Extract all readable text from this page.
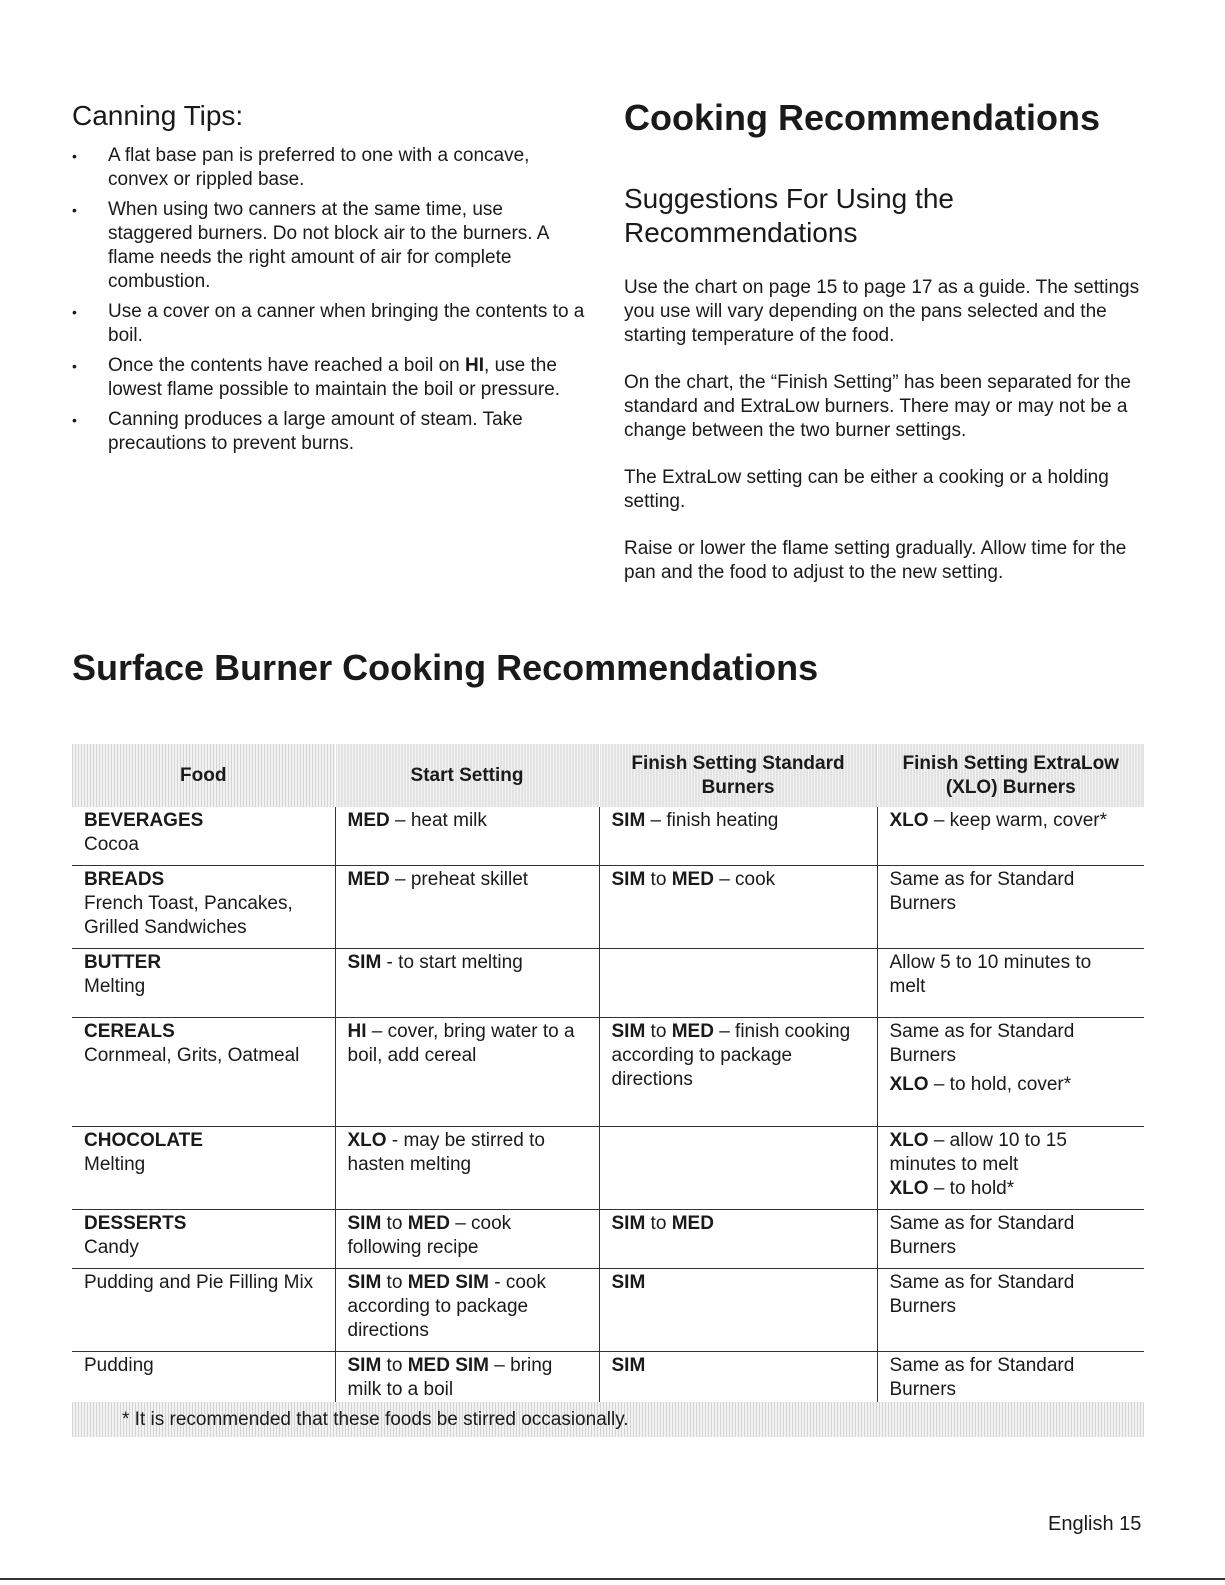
Canning Tips:
• A flat base pan is preferred to one with a concave, convex or rippled base.
• When using two canners at the same time, use staggered burners. Do not block air to the burners. A flame needs the right amount of air for complete combustion.
• Use a cover on a canner when bringing the contents to a boil.
• Once the contents have reached a boil on HI, use the lowest flame possible to maintain the boil or pressure.
• Canning produces a large amount of steam. Take precautions to prevent burns.
Cooking Recommendations
Suggestions For Using the Recommendations

Use the chart on page 15 to page 17 as a guide. The settings you use will vary depending on the pans selected and the starting temperature of the food.

On the chart, the “Finish Setting” has been separated for the standard and ExtraLow burners. There may or may not be a change between the two burner settings.

The ExtraLow setting can be either a cooking or a holding setting.

Raise or lower the flame setting gradually. Allow time for the pan and the food to adjust to the new setting.

Surface Burner Cooking Recommendations
Food	Start Setting	Finish Setting Standard Burners	Finish Setting ExtraLow (XLO) Burners

BEVERAGES
Cocoa	MED – heat milk	SIM – finish heating	XLO – keep warm, cover*

BREADS
French Toast, Pancakes, Grilled Sandwiches	MED – preheat skillet	SIM to MED – cook	Same as for Standard Burners

BUTTER
Melting	SIM - to start melting		Allow 5 to 10 minutes to melt

CEREALS
Cornmeal, Grits, Oatmeal	HI – cover, bring water to a boil, add cereal	SIM to MED – finish cooking according to package directions	Same as for Standard Burners
XLO – to hold, cover*

CHOCOLATE
Melting	XLO - may be stirred to hasten melting		XLO – allow 10 to 15 minutes to melt
XLO – to hold*

DESSERTS
Candy	SIM to MED – cook following recipe	SIM to MED	Same as for Standard Burners
Pudding and Pie Filling Mix	SIM to MED SIM - cook according to package directions	SIM	Same as for Standard Burners
Pudding	SIM to MED SIM – bring milk to a boil	SIM	Same as for Standard Burners
* It is recommended that these foods be stirred occasionally.
English 15
